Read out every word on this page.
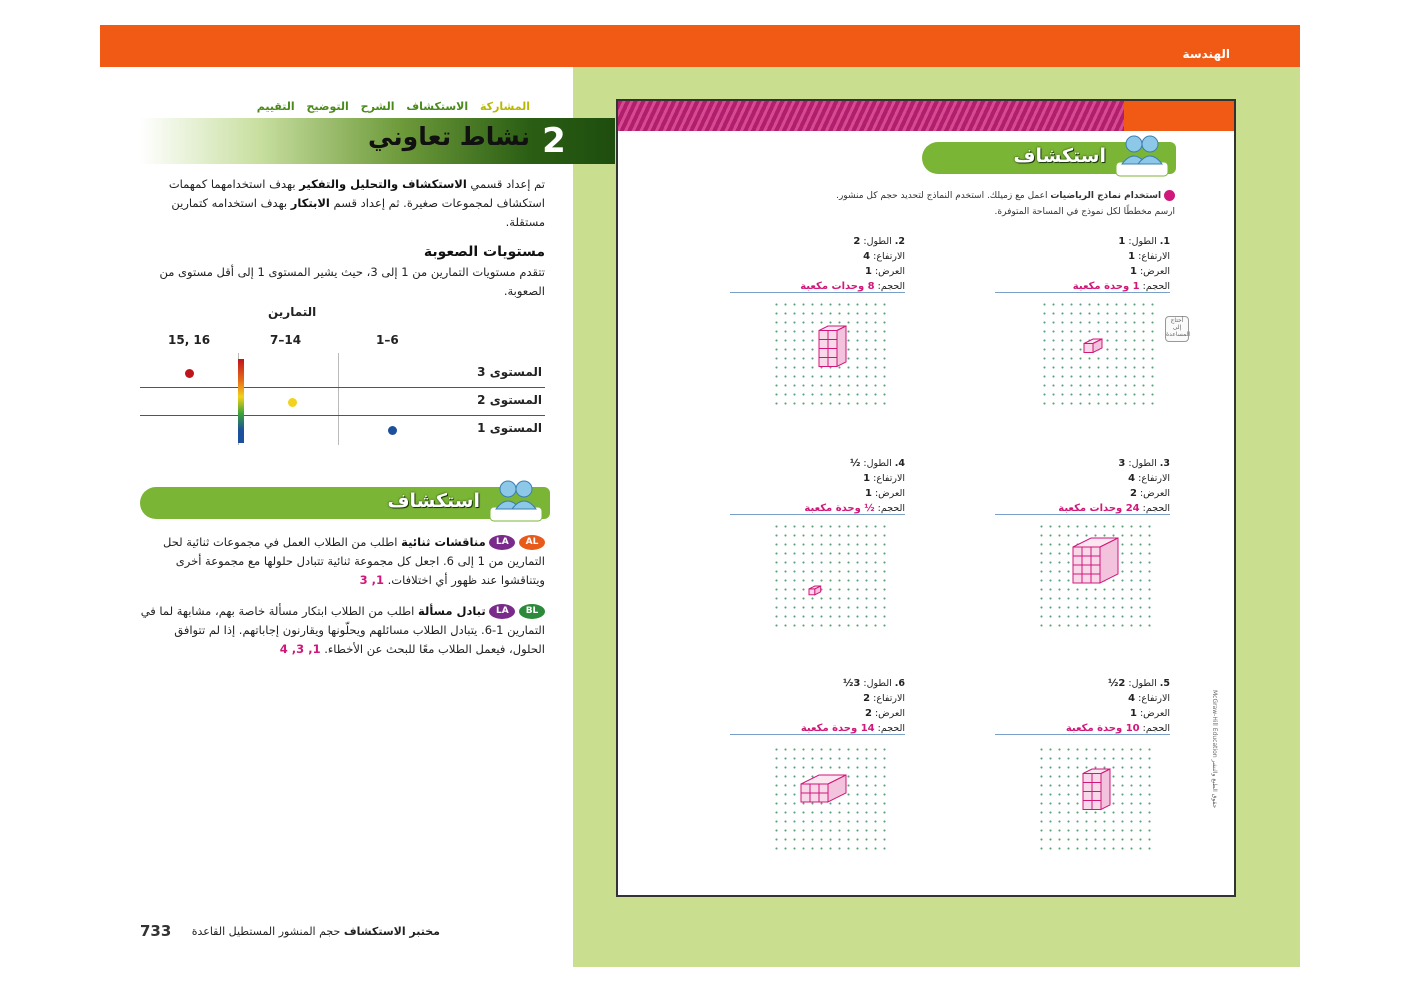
الهندسة
المشاركة الاستكشاف الشرح التوضيح التقييم
2
نشاط تعاوني
تم إعداد قسمي الاستكشاف والتحليل والتفكير بهدف استخدامهما كمهمات استكشاف لمجموعات صغيرة. ثم إعداد قسم الابتكار بهدف استخدامه كتمارين مستقلة.
مستويات الصعوبة
تتقدم مستويات التمارين من 1 إلى 3، حيث يشير المستوى 1 إلى أقل مستوى من الصعوبة.
التمارين
1–6
7–14
15, 16
المستوى 3
المستوى 2
المستوى 1
استكشاف
AL LA مناقشات ثنائية اطلب من الطلاب العمل في مجموعات ثنائية لحل التمارين من 1 إلى 6. اجعل كل مجموعة ثنائية تتبادل حلولها مع مجموعة أخرى ويتناقشوا عند ظهور أي اختلافات. 1, 3
BL LA تبادل مسألة اطلب من الطلاب ابتكار مسألة خاصة بهم، مشابهة لما في التمارين 1-6. يتبادل الطلاب مسائلهم ويحلّونها ويقارنون إجاباتهم. إذا لم تتوافق الحلول، فيعمل الطلاب معًا للبحث عن الأخطاء. 1, 3, 4
مختبر الاستكشاف حجم المنشور المستطيل القاعدة
733
استكشاف
استخدام نماذج الرياضيات اعمل مع زميلك. استخدم النماذج لتحديد حجم كل منشور.
ارسم مخططًا لكل نموذج في المساحة المتوفرة.
أحتاج إلى المساعدة
1. الطول: 1
الارتفاع: 1
العرض: 1
الحجم: 1 وحدة مكعبة
2. الطول: 2
الارتفاع: 4
العرض: 1
الحجم: 8 وحدات مكعبة
3. الطول: 3
الارتفاع: 4
العرض: 2
الحجم: 24 وحدات مكعبة
4. الطول: ½
الارتفاع: 1
العرض: 1
الحجم: ½ وحدة مكعبة
5. الطول: 2½
الارتفاع: 4
العرض: 1
الحجم: 10 وحدة مكعبة
6. الطول: 3½
الارتفاع: 2
العرض: 2
الحجم: 14 وحدة مكعبة	McGraw-Hill Education حقوق الطبع والنشر
